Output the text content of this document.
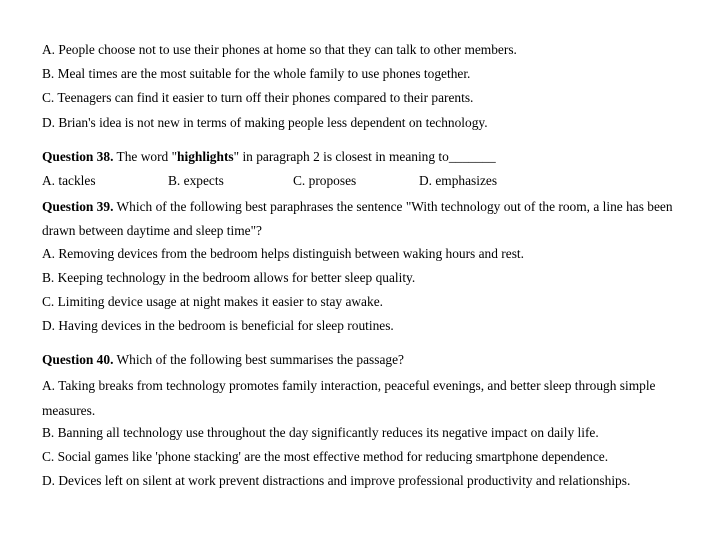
A. People choose not to use their phones at home so that they can talk to other members.
B. Meal times are the most suitable for the whole family to use phones together.
C. Teenagers can find it easier to turn off their phones compared to their parents.
D. Brian's idea is not new in terms of making people less dependent on technology.
Question 38. The word "highlights" in paragraph 2 is closest in meaning to_______
A. tackles	B. expects	C. proposes	D. emphasizes
Question 39. Which of the following best paraphrases the sentence "With technology out of the room, a line has been drawn between daytime and sleep time"?
A. Removing devices from the bedroom helps distinguish between waking hours and rest.
B. Keeping technology in the bedroom allows for better sleep quality.
C. Limiting device usage at night makes it easier to stay awake.
D. Having devices in the bedroom is beneficial for sleep routines.
Question 40. Which of the following best summarises the passage?
A. Taking breaks from technology promotes family interaction, peaceful evenings, and better sleep through simple measures.
B. Banning all technology use throughout the day significantly reduces its negative impact on daily life.
C. Social games like 'phone stacking' are the most effective method for reducing smartphone dependence.
D. Devices left on silent at work prevent distractions and improve professional productivity and relationships.
